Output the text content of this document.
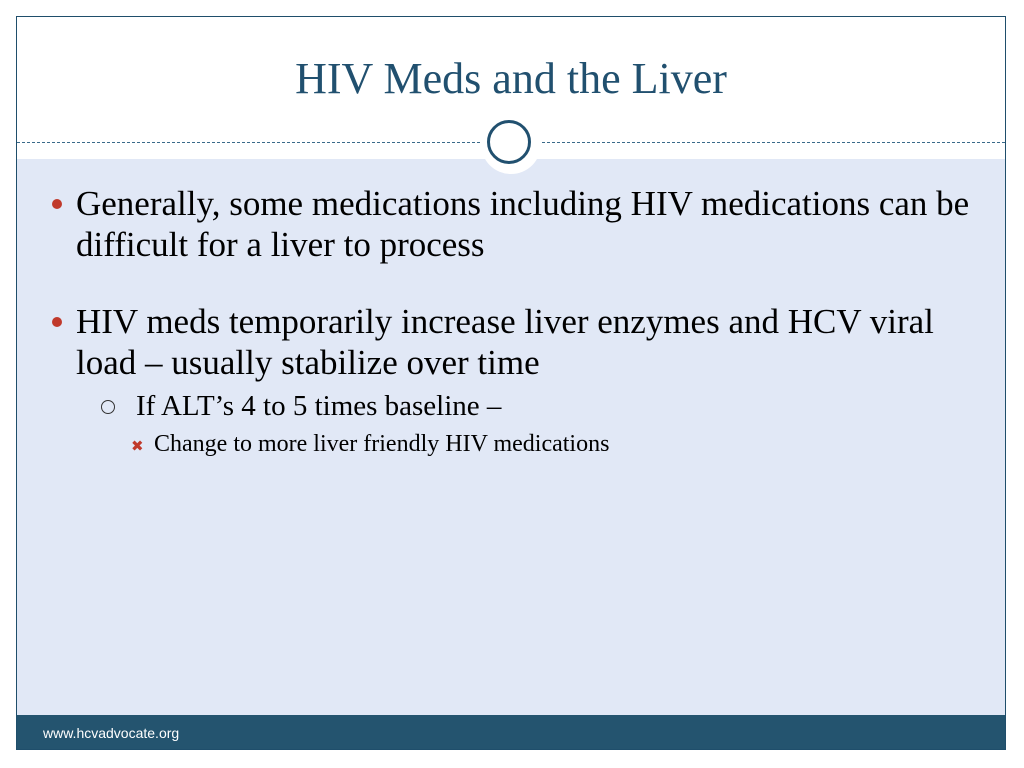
HIV Meds and the Liver
Generally, some medications including HIV medications can be difficult for a liver to process
HIV meds temporarily increase liver enzymes and HCV viral load – usually stabilize over time
If ALT’s 4 to 5 times baseline –
✖ Change to more liver friendly HIV medications
www.hcvadvocate.org
